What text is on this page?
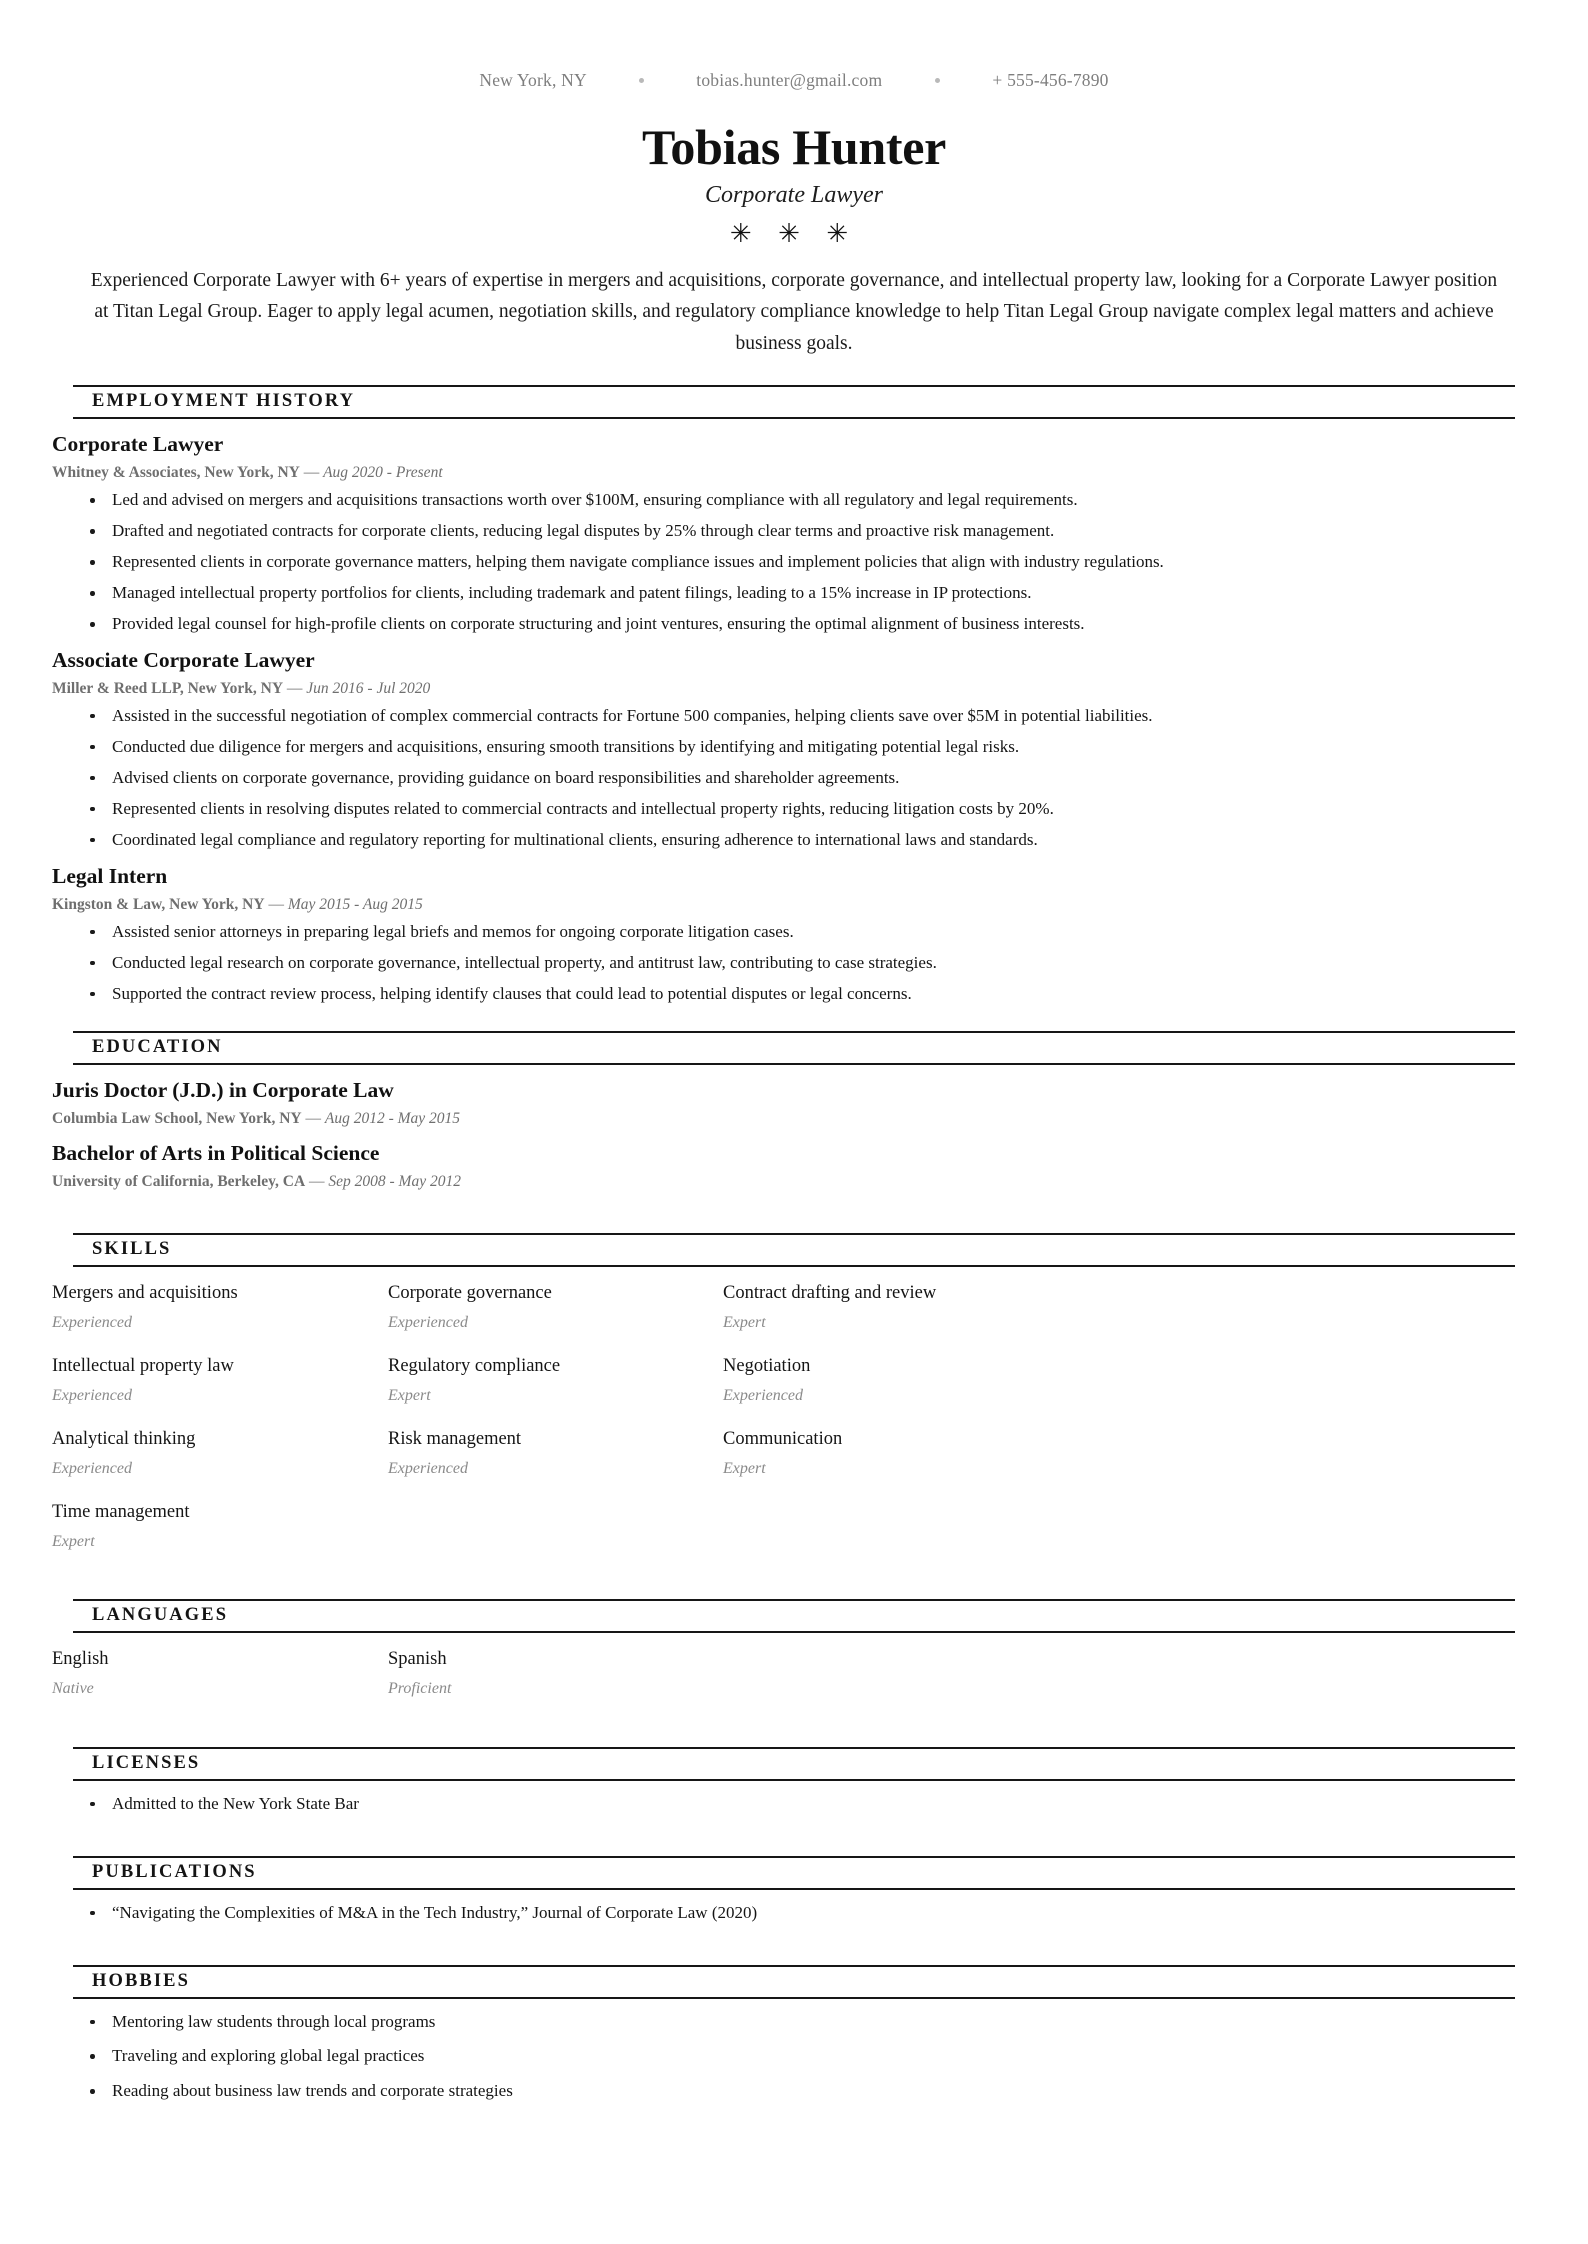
New York, NY	tobias.hunter@gmail.com	+ 555-456-7890
Tobias Hunter
Corporate Lawyer
✳ ✳ ✳
Experienced Corporate Lawyer with 6+ years of expertise in mergers and acquisitions, corporate governance, and intellectual property law, looking for a Corporate Lawyer position at Titan Legal Group. Eager to apply legal acumen, negotiation skills, and regulatory compliance knowledge to help Titan Legal Group navigate complex legal matters and achieve business goals.
EMPLOYMENT HISTORY
Corporate Lawyer
Whitney & Associates, New York, NY — Aug 2020 - Present
Led and advised on mergers and acquisitions transactions worth over $100M, ensuring compliance with all regulatory and legal requirements.
Drafted and negotiated contracts for corporate clients, reducing legal disputes by 25% through clear terms and proactive risk management.
Represented clients in corporate governance matters, helping them navigate compliance issues and implement policies that align with industry regulations.
Managed intellectual property portfolios for clients, including trademark and patent filings, leading to a 15% increase in IP protections.
Provided legal counsel for high-profile clients on corporate structuring and joint ventures, ensuring the optimal alignment of business interests.
Associate Corporate Lawyer
Miller & Reed LLP, New York, NY — Jun 2016 - Jul 2020
Assisted in the successful negotiation of complex commercial contracts for Fortune 500 companies, helping clients save over $5M in potential liabilities.
Conducted due diligence for mergers and acquisitions, ensuring smooth transitions by identifying and mitigating potential legal risks.
Advised clients on corporate governance, providing guidance on board responsibilities and shareholder agreements.
Represented clients in resolving disputes related to commercial contracts and intellectual property rights, reducing litigation costs by 20%.
Coordinated legal compliance and regulatory reporting for multinational clients, ensuring adherence to international laws and standards.
Legal Intern
Kingston & Law, New York, NY — May 2015 - Aug 2015
Assisted senior attorneys in preparing legal briefs and memos for ongoing corporate litigation cases.
Conducted legal research on corporate governance, intellectual property, and antitrust law, contributing to case strategies.
Supported the contract review process, helping identify clauses that could lead to potential disputes or legal concerns.
EDUCATION
Juris Doctor (J.D.) in Corporate Law
Columbia Law School, New York, NY — Aug 2012 - May 2015
Bachelor of Arts in Political Science
University of California, Berkeley, CA — Sep 2008 - May 2012
SKILLS
Mergers and acquisitions
Experienced
Corporate governance
Experienced
Contract drafting and review
Expert
Intellectual property law
Experienced
Regulatory compliance
Expert
Negotiation
Experienced
Analytical thinking
Experienced
Risk management
Experienced
Communication
Expert
Time management
Expert
LANGUAGES
English
Native
Spanish
Proficient
LICENSES
Admitted to the New York State Bar
PUBLICATIONS
“Navigating the Complexities of M&A in the Tech Industry,” Journal of Corporate Law (2020)
HOBBIES
Mentoring law students through local programs
Traveling and exploring global legal practices
Reading about business law trends and corporate strategies
